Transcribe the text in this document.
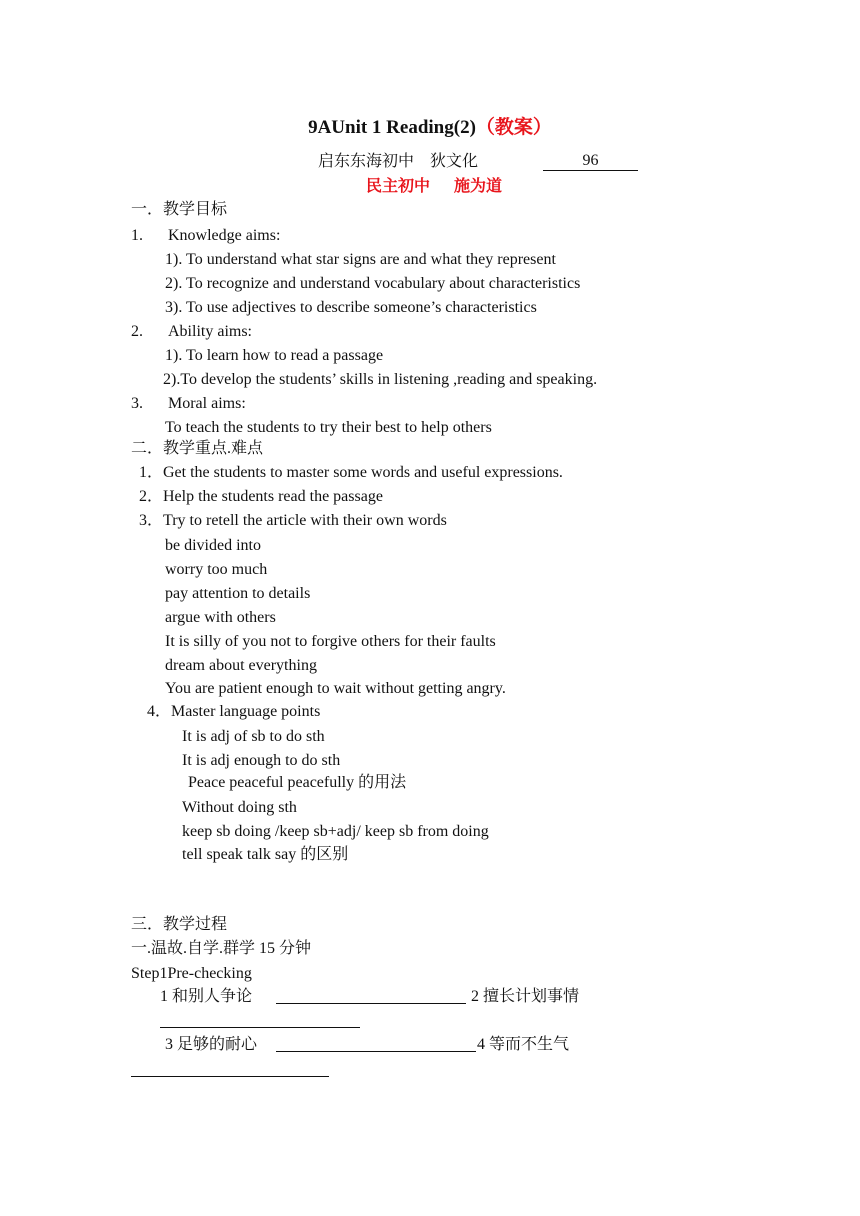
9AUnit 1 Reading(2)（教案）
启东东海初中 狄文化	96
民主初中 施为道
一．教学目标
1. Knowledge aims:
1). To understand what star signs are and what they represent
2). To recognize and understand vocabulary about characteristics
3). To use adjectives to describe someone’s characteristics
2. Ability aims:
1). To learn how to read a passage
2).To develop the students’ skills in listening ,reading and speaking.
3. Moral aims:
To teach the students to try their best to help others
二．教学重点.难点
1．Get the students to master some words and useful expressions.
2．Help the students read the passage
3．Try to retell the article with their own words
be divided into
worry too much
pay attention to details
argue with others
It is silly of you not to forgive others for their faults
dream about everything
You are patient enough to wait without getting angry.
4．Master language points
It is adj of sb to do sth
It is adj enough to do sth
Peace peaceful peacefully 的用法
Without doing sth
keep sb doing /keep sb+adj/ keep sb from doing
tell speak talk say 的区别
三．教学过程
一.温故.自学.群学 15 分钟
Step1Pre-checking
1 和别人争论	2 擅长计划事情
3 足够的耐心	4 等而不生气
